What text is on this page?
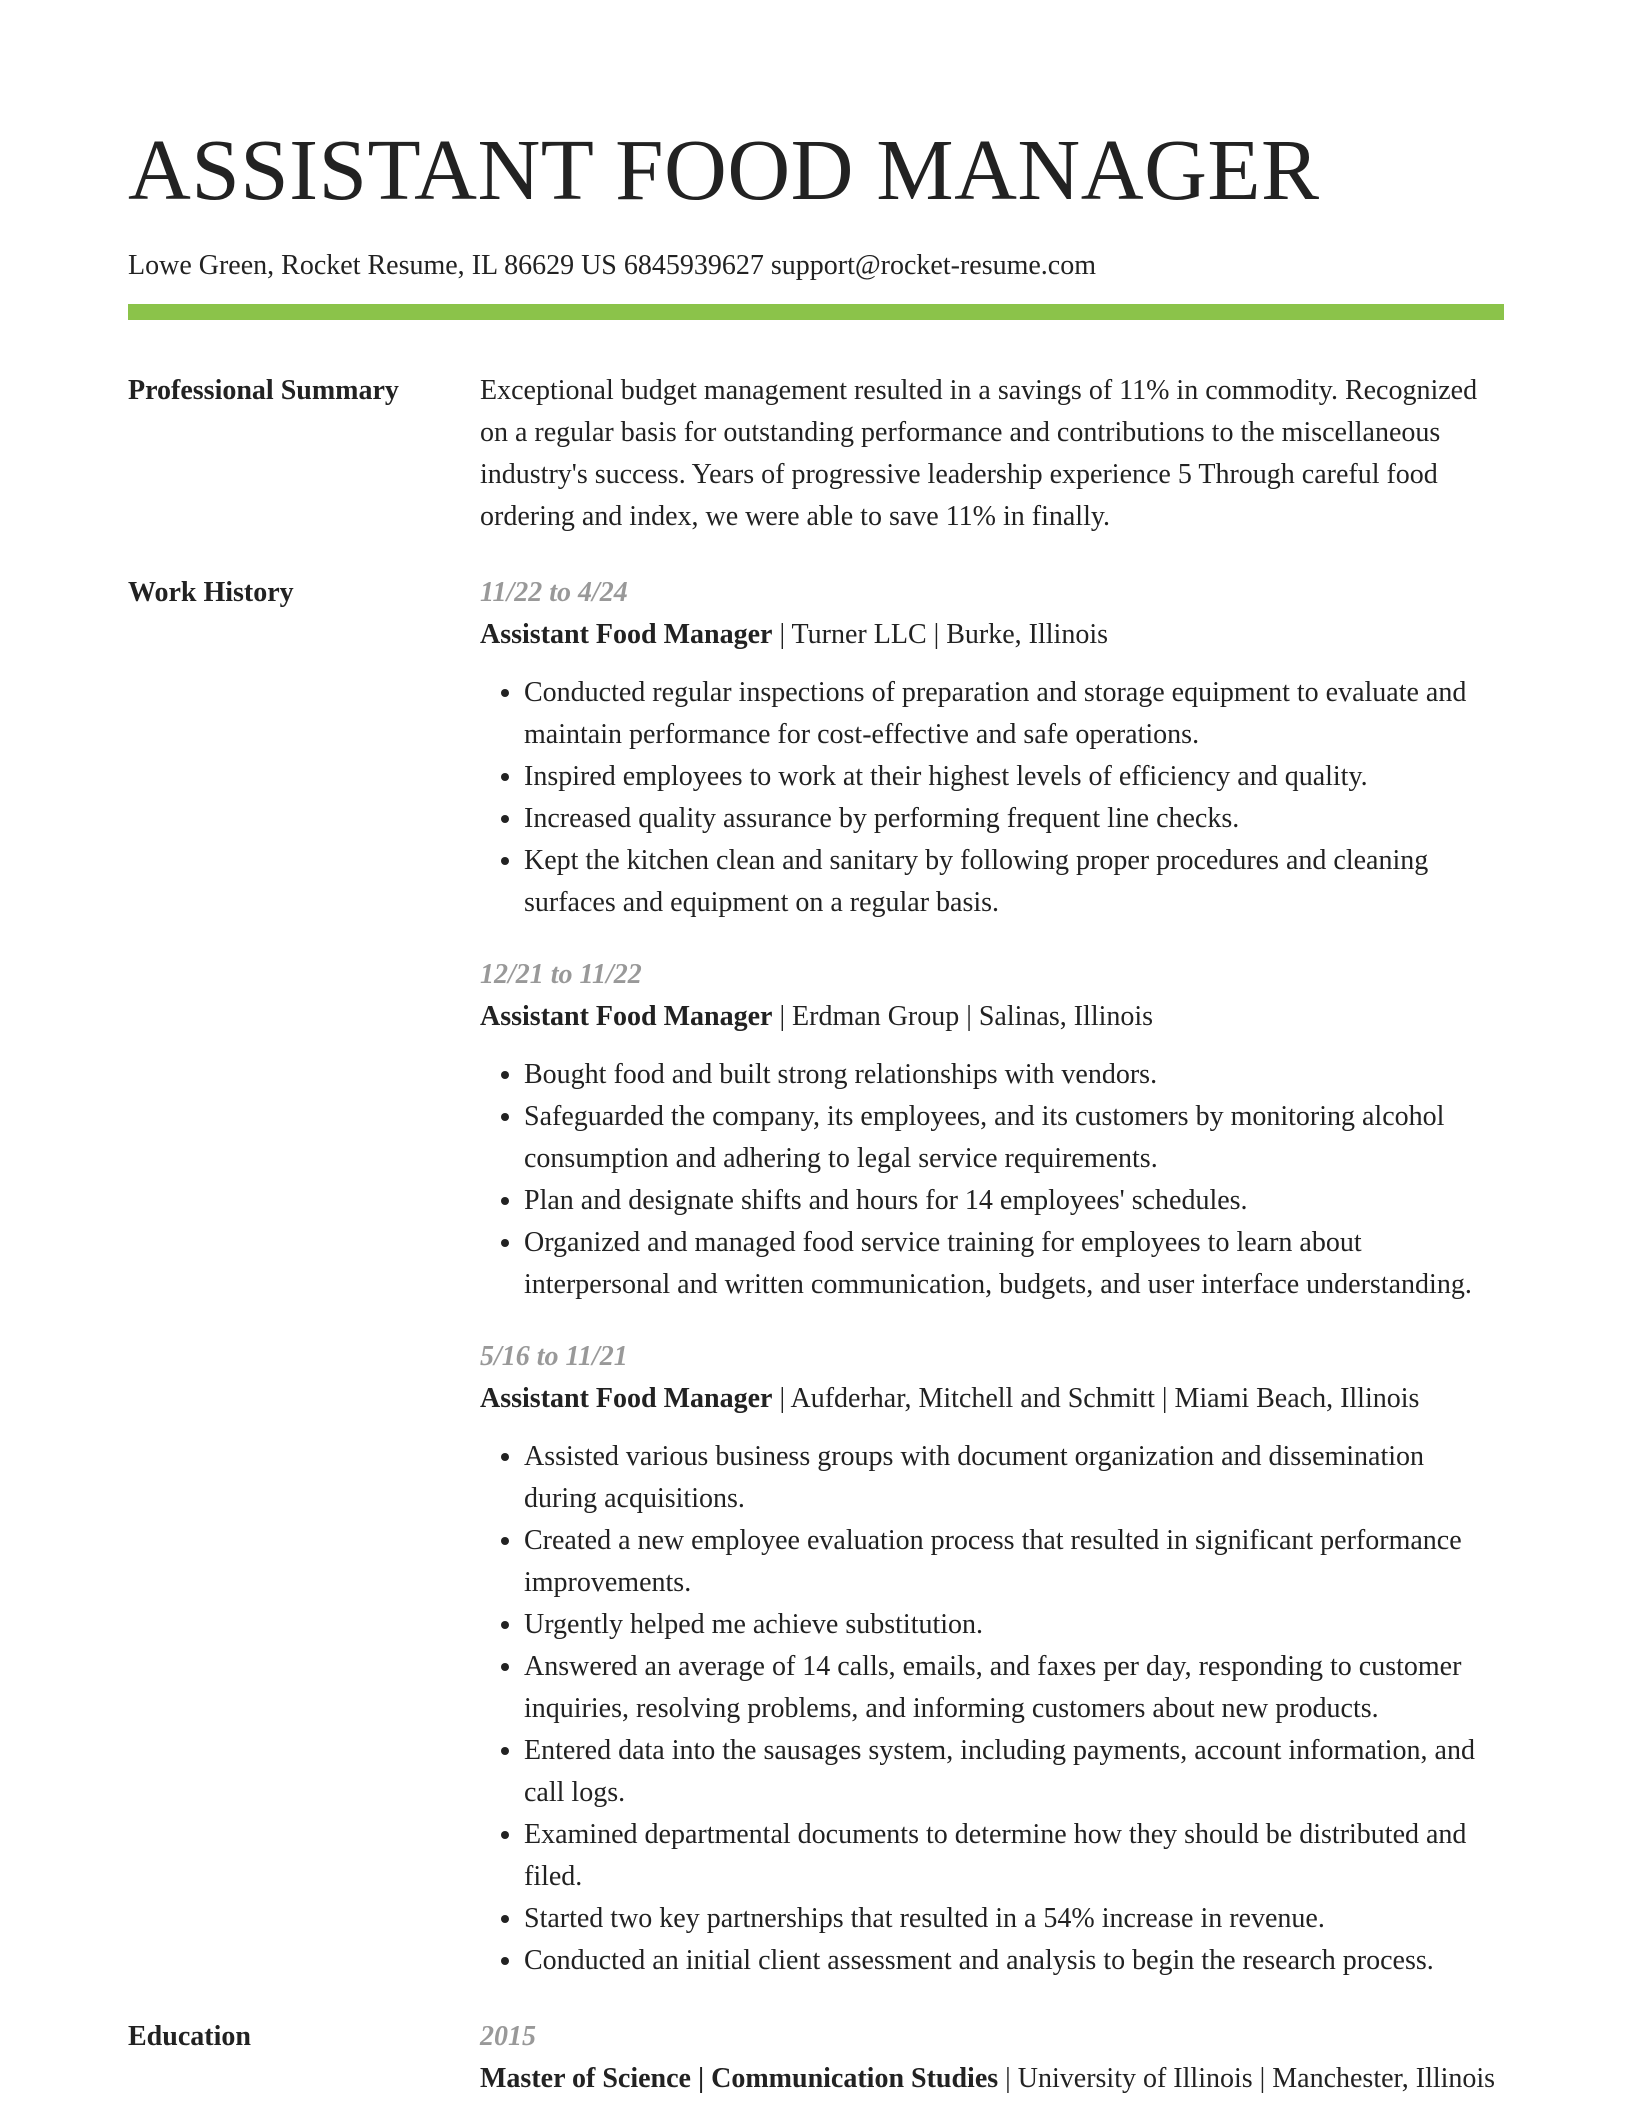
ASSISTANT FOOD MANAGER
Lowe Green, Rocket Resume, IL 86629 US 6845939627 support@rocket-resume.com
Professional Summary	Exceptional budget management resulted in a savings of 11% in commodity. Recognized on a regular basis for outstanding performance and contributions to the miscellaneous industry's success. Years of progressive leadership experience 5 Through careful food ordering and index, we were able to save 11% in finally.

Work History	11/22 to 4/24
Assistant Food Manager | Turner LLC | Burke, Illinois
• Conducted regular inspections of preparation and storage equipment to evaluate and maintain performance for cost-effective and safe operations.
• Inspired employees to work at their highest levels of efficiency and quality.
• Increased quality assurance by performing frequent line checks.
• Kept the kitchen clean and sanitary by following proper procedures and cleaning surfaces and equipment on a regular basis.
12/21 to 11/22
Assistant Food Manager | Erdman Group | Salinas, Illinois
• Bought food and built strong relationships with vendors.
• Safeguarded the company, its employees, and its customers by monitoring alcohol consumption and adhering to legal service requirements.
• Plan and designate shifts and hours for 14 employees' schedules.
• Organized and managed food service training for employees to learn about interpersonal and written communication, budgets, and user interface understanding.
5/16 to 11/21
Assistant Food Manager | Aufderhar, Mitchell and Schmitt | Miami Beach, Illinois
• Assisted various business groups with document organization and dissemination during acquisitions.
• Created a new employee evaluation process that resulted in significant performance improvements.
• Urgently helped me achieve substitution.
• Answered an average of 14 calls, emails, and faxes per day, responding to customer inquiries, resolving problems, and informing customers about new products.
• Entered data into the sausages system, including payments, account information, and call logs.
• Examined departmental documents to determine how they should be distributed and filed.
• Started two key partnerships that resulted in a 54% increase in revenue.
• Conducted an initial client assessment and analysis to begin the research process.
Education	2015
Master of Science | Communication Studies | University of Illinois | Manchester, Illinois
